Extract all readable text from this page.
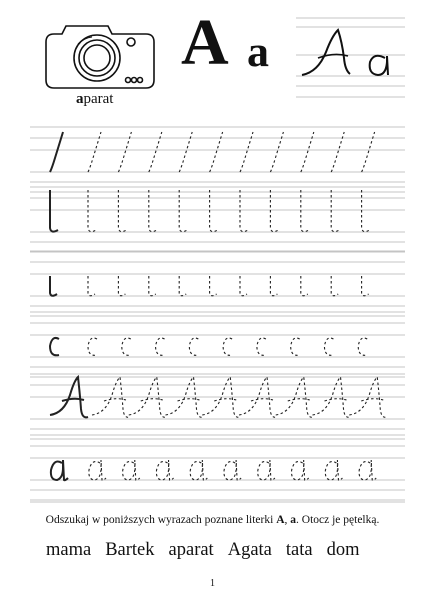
A a
aparat
Odszukaj w poniższych wyrazach poznane literki A, a. Otocz je pętelką.
mama Bartek aparat Agata tata dom
1
